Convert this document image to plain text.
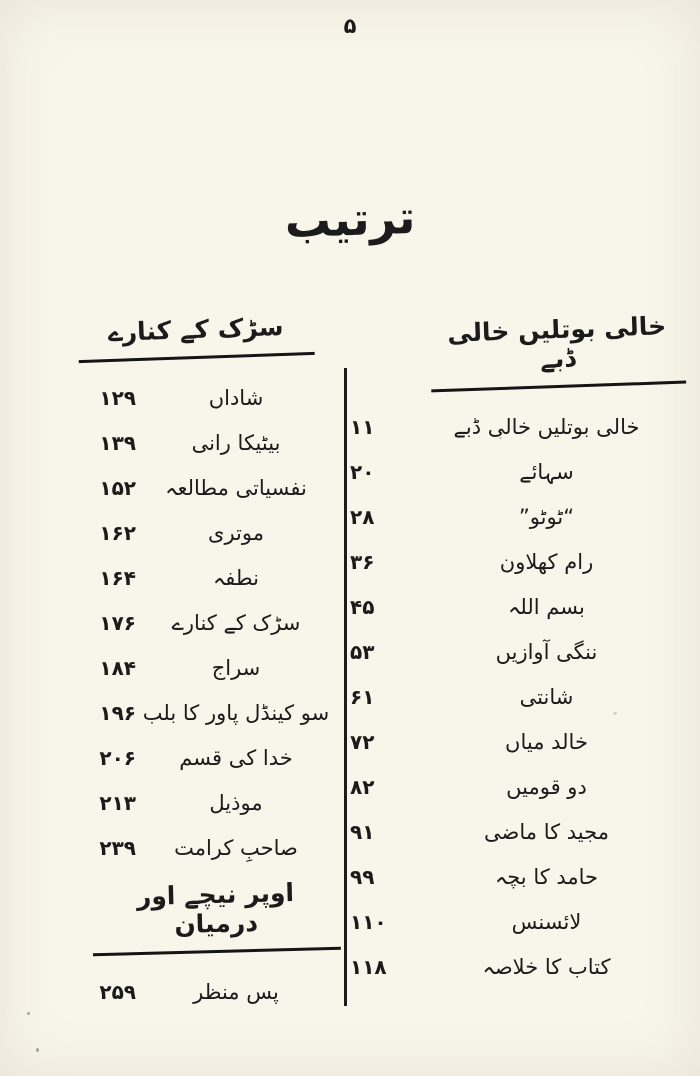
۵
ترتیب
خالی بوتلیں خالی ڈبے
خالی بوتلیں خالی ڈبے
۱۱
سہائے
۲۰
“ٹوٹو”
۲۸
رام کھلاون
۳۶
بسم اللہ
۴۵
ننگی آوازیں
۵۳
شانتی
۶۱
خالد میاں
۷۲
دو قومیں
۸۲
مجید کا ماضی
۹۱
حامد کا بچہ
۹۹
لائسنس
۱۱۰
کتاب کا خلاصہ
۱۱۸
سڑک کے کنارے
شاداں
۱۲۹
بیٹیکا رانی
۱۳۹
نفسیاتی مطالعہ
۱۵۲
موتری
۱۶۲
نطفہ
۱۶۴
سڑک کے کنارے
۱۷۶
سراج
۱۸۴
سو کینڈل پاور کا بلب
۱۹۶
خدا کی قسم
۲۰۶
موذیل
۲۱۳
صاحبِ کرامت
۲۳۹
اوپر نیچے اور درمیان
پس منظر
۲۵۹
